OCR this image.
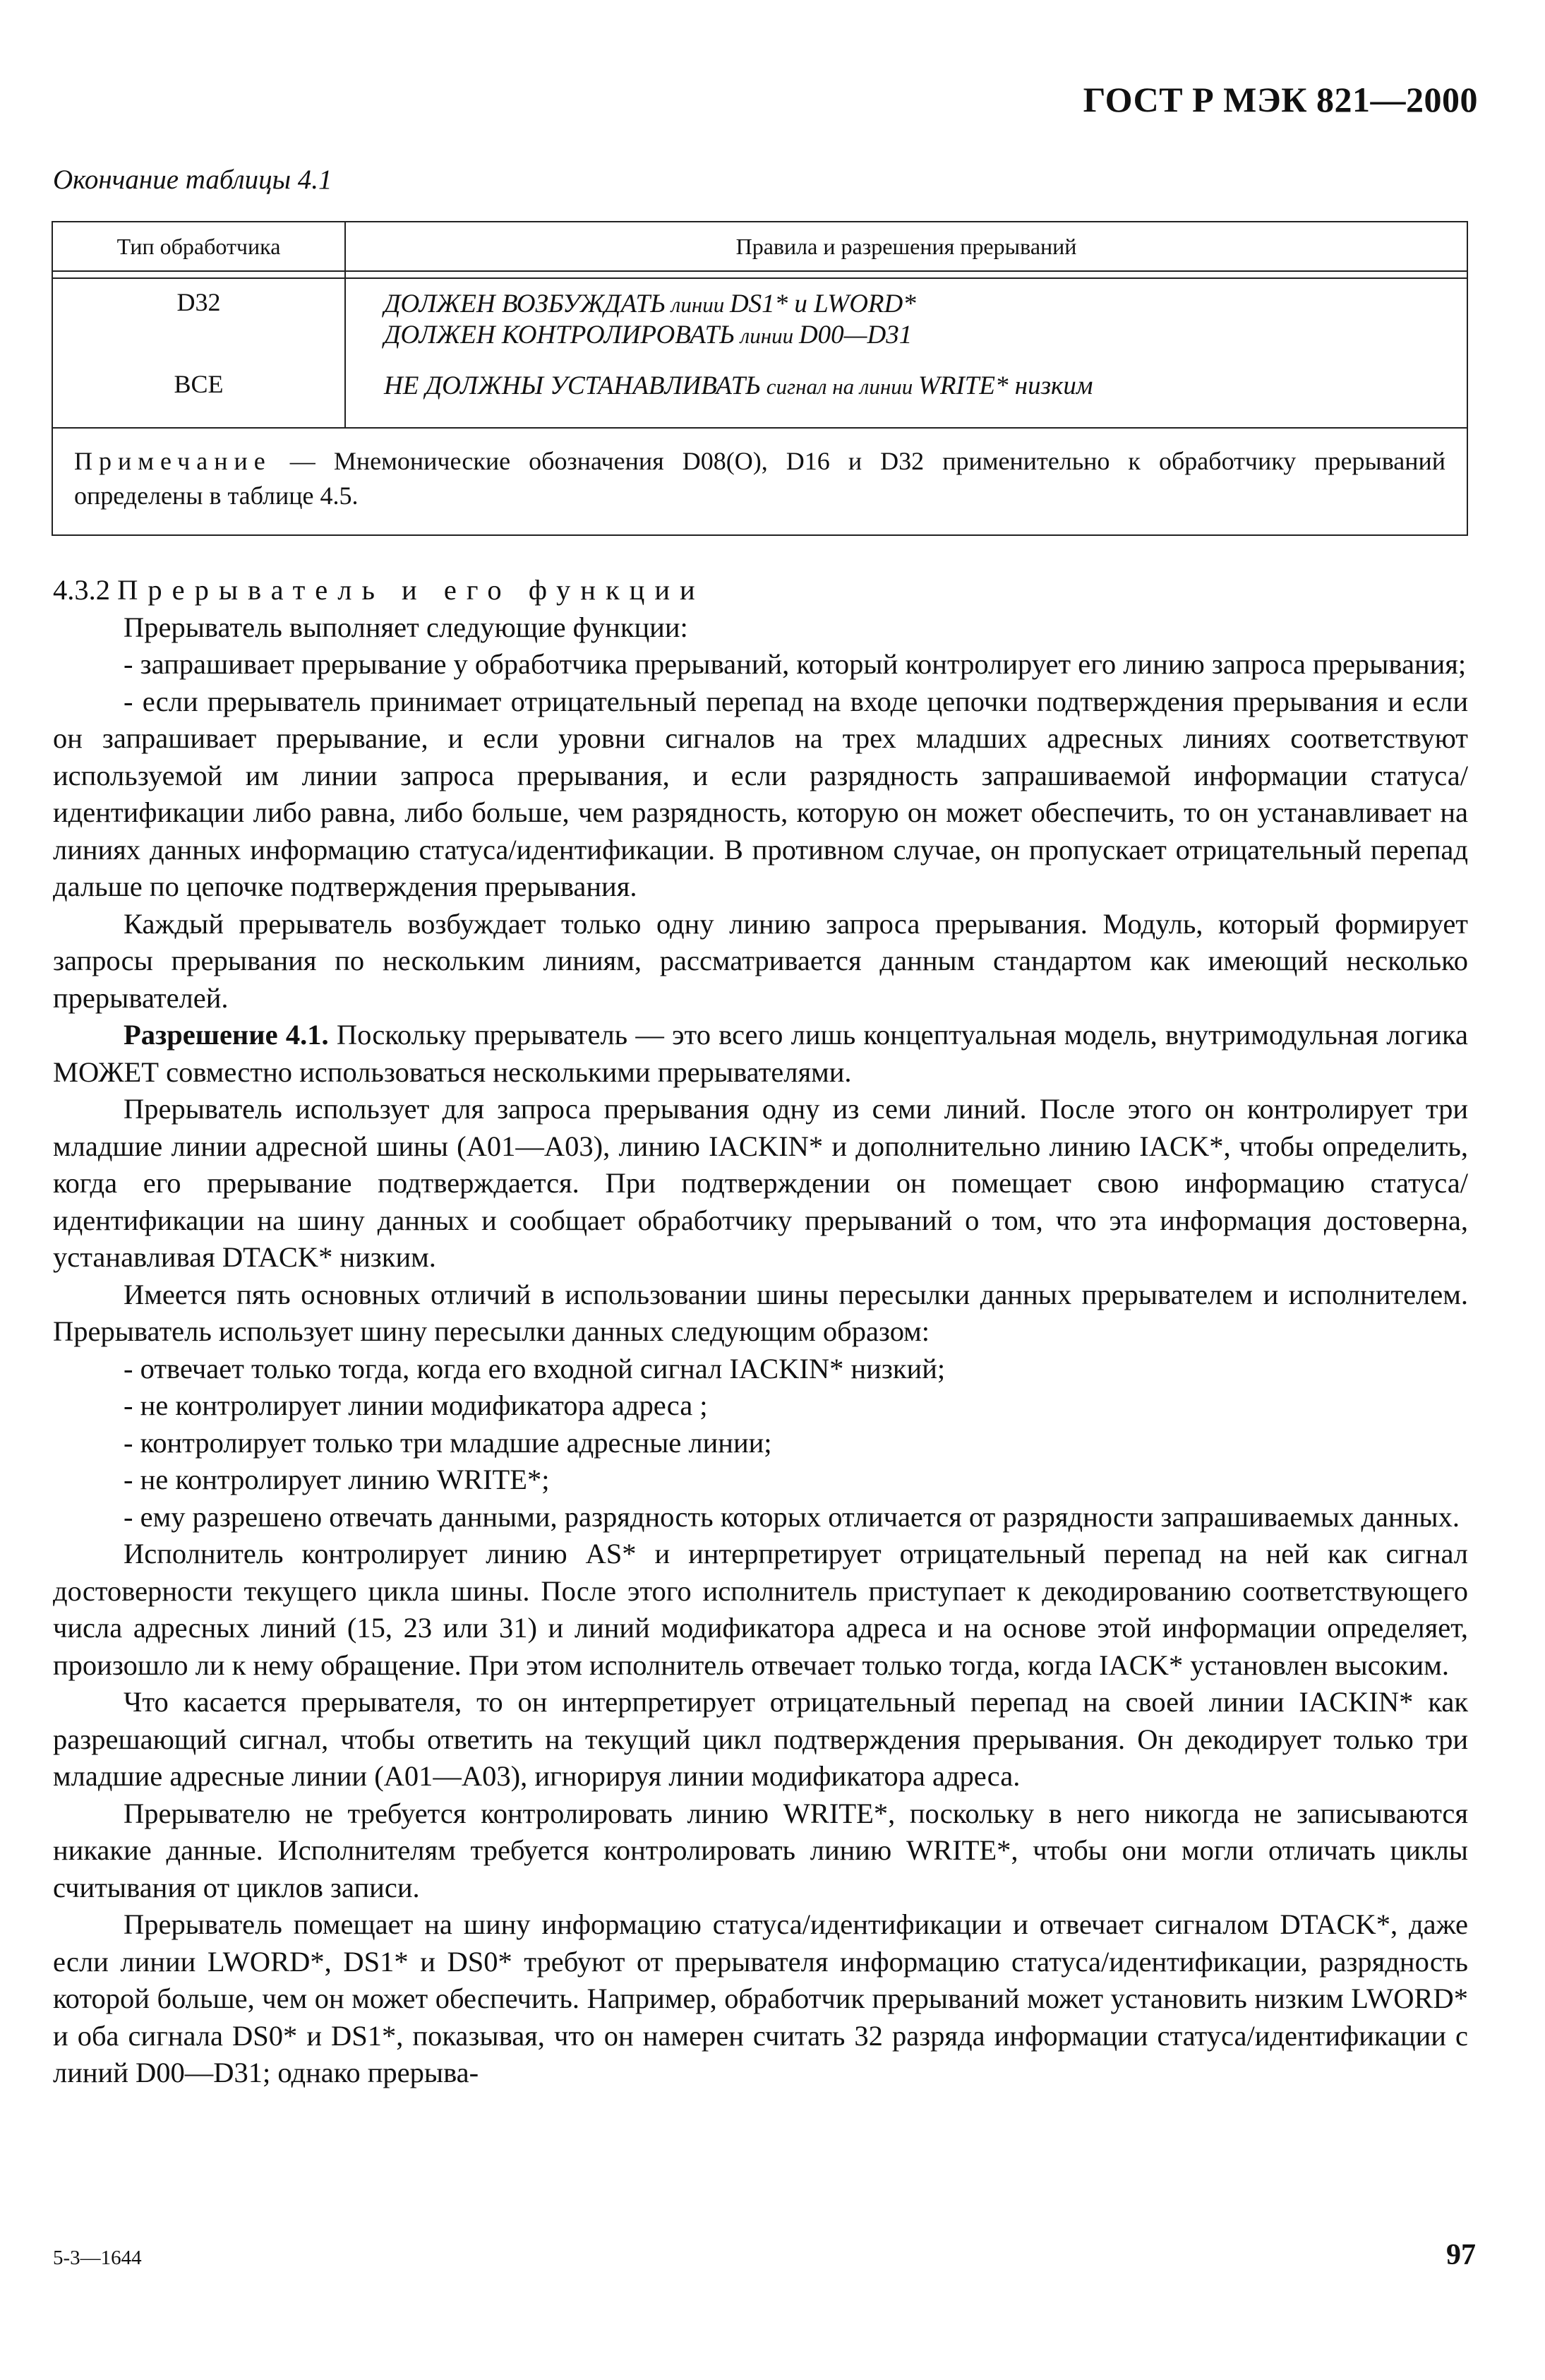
ГОСТ Р МЭК 821—2000
Окончание таблицы 4.1
Тип обработчика	Правила и разрешения прерываний
D32
ВСЕ
ДОЛЖЕН ВОЗБУЖДАТЬ линии DS1* и LWORD*
ДОЛЖЕН КОНТРОЛИРОВАТЬ линии D00—D31
НЕ ДОЛЖНЫ УСТАНАВЛИВАТЬ сигнал на линии WRITE* низким
Примечание — Мнемонические обозначения D08(O), D16 и D32 применительно к обработчику прерываний определены в таблице 4.5.

4.3.2 Прерыватель и его функции

Прерыватель выполняет следующие функции:

- запрашивает прерывание у обработчика прерываний, который контролирует его линию запроса прерывания;

- если прерыватель принимает отрицательный перепад на входе цепочки подтверждения прерывания и если он запрашивает прерывание, и если уровни сигналов на трех младших адресных линиях соответствуют используемой им линии запроса прерывания, и если разрядность запрашиваемой информации статуса/идентификации либо равна, либо больше, чем разрядность, которую он может обеспечить, то он устанавливает на линиях данных информацию статуса/идентификации. В противном случае, он пропускает отрицательный перепад дальше по цепочке подтверждения прерывания.

Каждый прерыватель возбуждает только одну линию запроса прерывания. Модуль, который формирует запросы прерывания по нескольким линиям, рассматривается данным стандартом как имеющий несколько прерывателей.

Разрешение 4.1. Поскольку прерыватель — это всего лишь концептуальная модель, внутримодульная логика МОЖЕТ совместно использоваться несколькими прерывателями.

Прерыватель использует для запроса прерывания одну из семи линий. После этого он контролирует три младшие линии адресной шины (A01—A03), линию IACKIN* и дополнительно линию IACK*, чтобы определить, когда его прерывание подтверждается. При подтверждении он помещает свою информацию статуса/идентификации на шину данных и сообщает обработчику прерываний о том, что эта информация достоверна, устанавливая DTACK* низким.

Имеется пять основных отличий в использовании шины пересылки данных прерывателем и исполнителем. Прерыватель использует шину пересылки данных следующим образом:

- отвечает только тогда, когда его входной сигнал IACKIN* низкий;

- не контролирует линии модификатора адреса ;

- контролирует только три младшие адресные линии;

- не контролирует линию WRITE*;

- ему разрешено отвечать данными, разрядность которых отличается от разрядности запрашиваемых данных.

Исполнитель контролирует линию AS* и интерпретирует отрицательный перепад на ней как сигнал достоверности текущего цикла шины. После этого исполнитель приступает к декодированию соответствующего числа адресных линий (15, 23 или 31) и линий модификатора адреса и на основе этой информации определяет, произошло ли к нему обращение. При этом исполнитель отвечает только тогда, когда IACK* установлен высоким.

Что касается прерывателя, то он интерпретирует отрицательный перепад на своей линии IACKIN* как разрешающий сигнал, чтобы ответить на текущий цикл подтверждения прерывания. Он декодирует только три младшие адресные линии (A01—A03), игнорируя линии модификатора адреса.

Прерывателю не требуется контролировать линию WRITE*, поскольку в него никогда не записываются никакие данные. Исполнителям требуется контролировать линию WRITE*, чтобы они могли отличать циклы считывания от циклов записи.

Прерыватель помещает на шину информацию статуса/идентификации и отвечает сигналом DTACK*, даже если линии LWORD*, DS1* и DS0* требуют от прерывателя информацию статуса/идентификации, разрядность которой больше, чем он может обеспечить. Например, обработчик прерываний может установить низким LWORD* и оба сигнала DS0* и DS1*, показывая, что он намерен считать 32 разряда информации статуса/идентификации с линий D00—D31; однако прерыва-

5-3—1644	97
